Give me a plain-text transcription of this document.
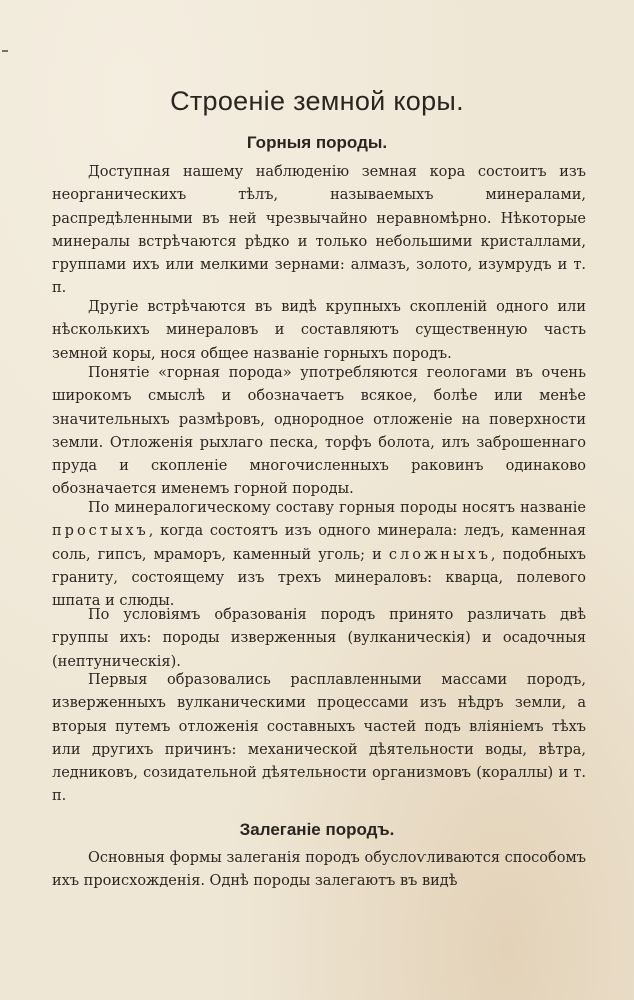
Строеніе земной коры.
Горныя породы.

Доступная нашему наблюденію земная кора состоитъ изъ неорганическихъ тѣлъ, называемыхъ минералами, распредѣленными въ ней чрезвычайно неравномѣрно. Нѣкоторые минералы встрѣчаются рѣдко и только небольшими кристаллами, группами ихъ или мелкими зернами: алмазъ, золото, изумрудъ и т. п.

Другіе встрѣчаются въ видѣ крупныхъ скопленій одного или нѣсколькихъ минераловъ и составляютъ существенную часть земной коры, нося общее названіе горныхъ породъ.

Понятіе «горная порода» употребляются геологами въ очень широкомъ смыслѣ и обозначаетъ всякое, болѣе или менѣе значительныхъ размѣровъ, однородное отложеніе на поверхности земли. Отложенія рыхлаго песка, торфъ болота, илъ заброшеннаго пруда и скопленіе многочисленныхъ раковинъ одинаково обозначается именемъ горной породы.

По минералогическому составу горныя породы носятъ названіе простыхъ, когда состоятъ изъ одного минерала: ледъ, каменная соль, гипсъ, мраморъ, каменный уголь; и сложныхъ, подобныхъ граниту, состоящему изъ трехъ минераловъ: кварца, полевого шпата и слюды.

По условіямъ образованія породъ принято различать двѣ группы ихъ: породы изверженныя (вулканическія) и осадочныя (нептуническія).

Первыя образовались расплавленными массами породъ, изверженныхъ вулканическими процессами изъ нѣдръ земли, а вторыя путемъ отложенія составныхъ частей подъ вліяніемъ тѣхъ или другихъ причинъ: механической дѣятельности воды, вѣтра, ледниковъ, созидательной дѣятельности организмовъ (кораллы) и т. п.

Залеганіе породъ.

Основныя формы залеганія породъ обуслоѵливаются способомъ ихъ происхожденія. Однѣ породы залегаютъ въ видѣ
